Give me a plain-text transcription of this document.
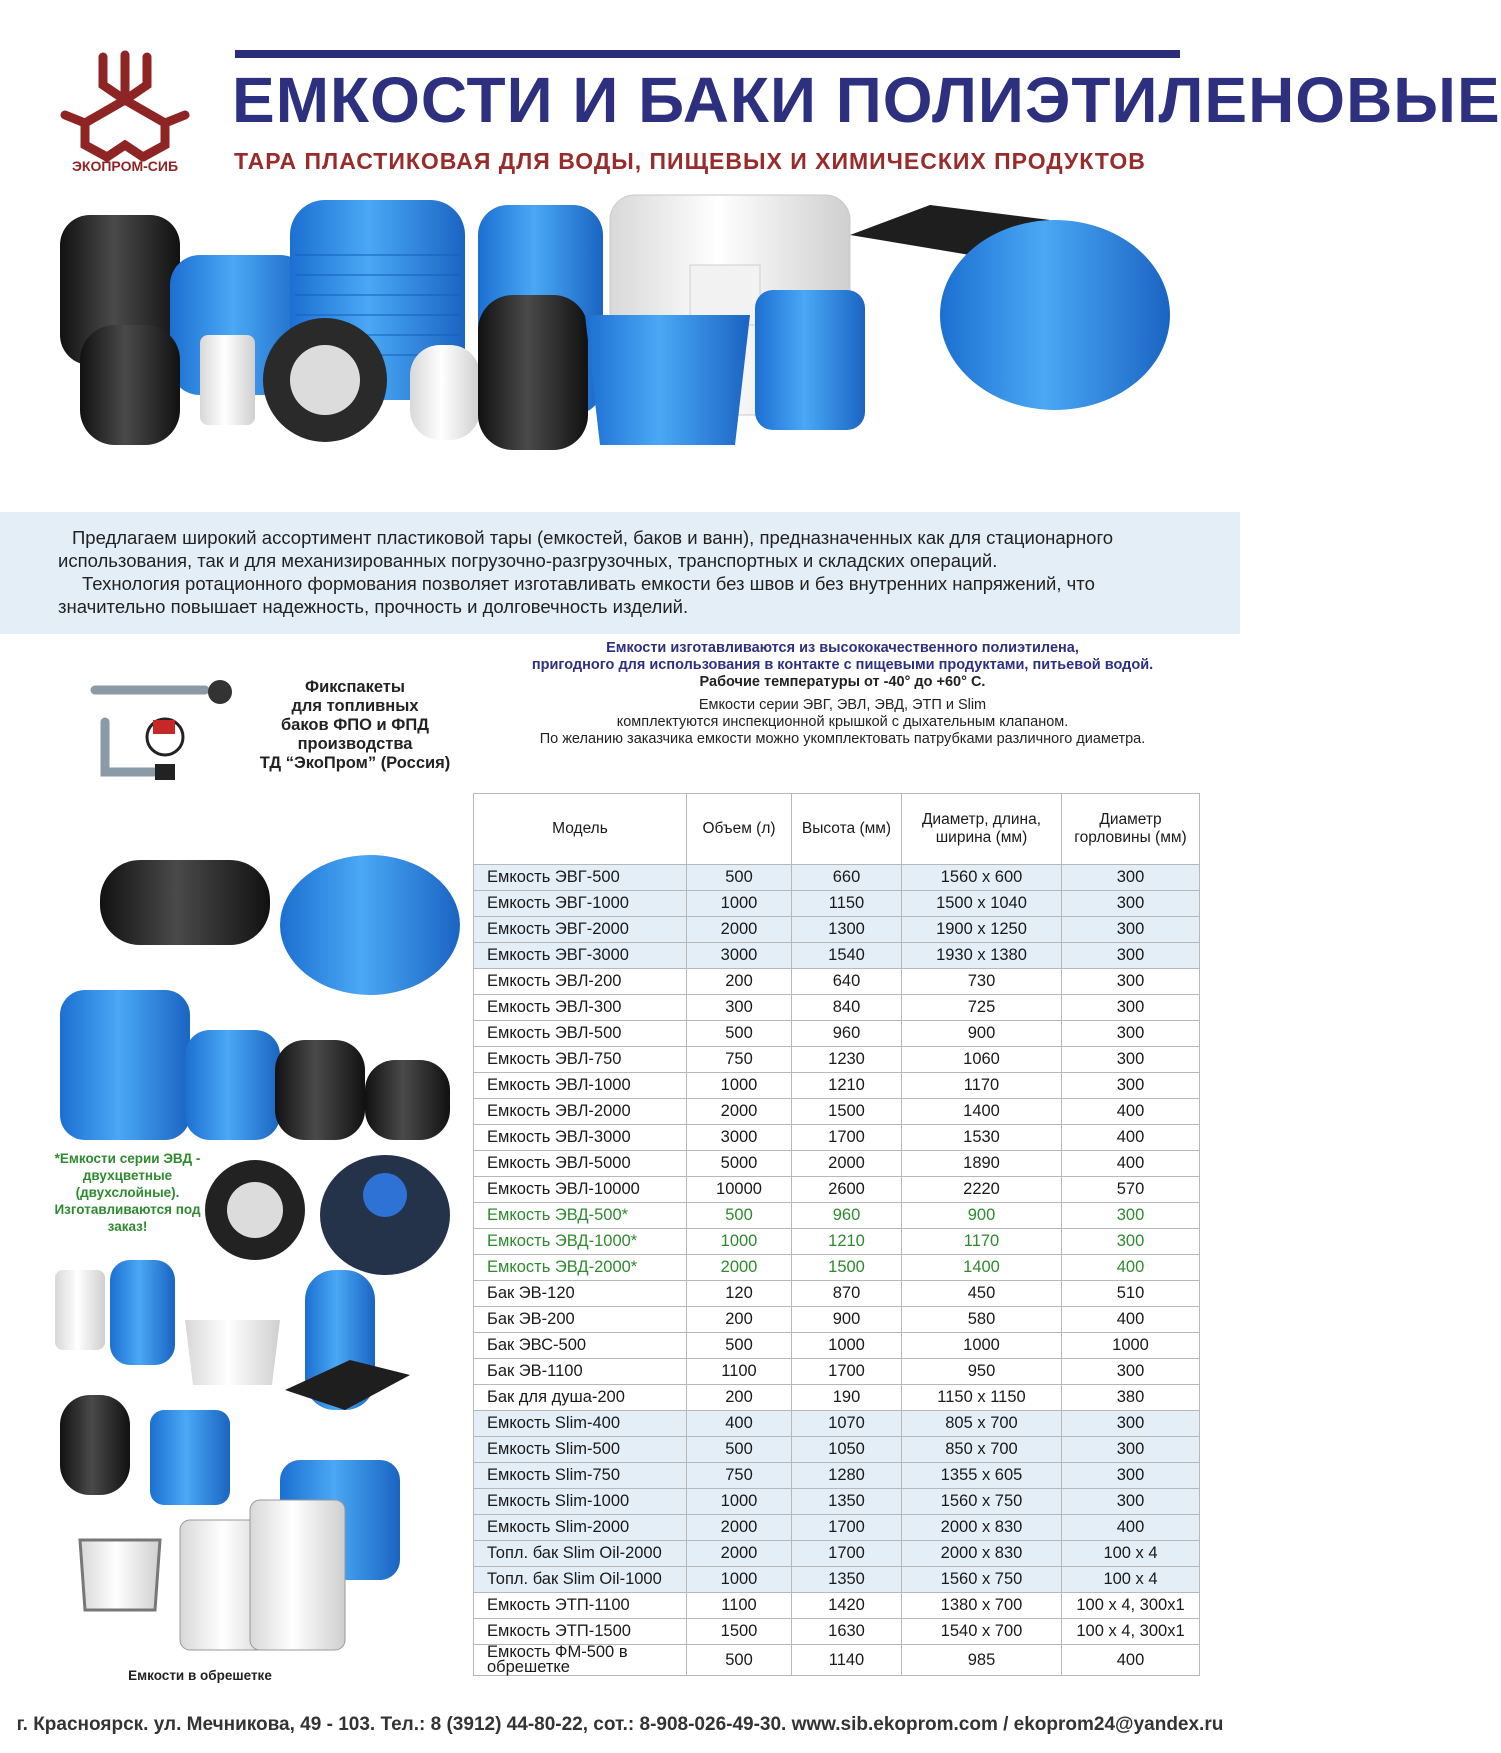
ЭКОПРОМ-СИБ
ЕМКОСТИ И БАКИ ПОЛИЭТИЛЕНОВЫЕ
ТАРА ПЛАСТИКОВАЯ ДЛЯ ВОДЫ, ПИЩЕВЫХ И ХИМИЧЕСКИХ ПРОДУКТОВ

Предлагаем широкий ассортимент пластиковой тары (емкостей, баков и ванн), предназначенных как для стационарного

использования, так и для механизированных погрузочно-разгрузочных, транспортных и складских операций.

Технология ротационного формования позволяет изготавливать емкости без швов и без внутренних напряжений, что

значительно повышает надежность, прочность и долговечность изделий.

Фикспакеты
для топливных
баков ФПО и ФПД
производства
ТД “ЭкоПром” (Россия)
Емкости изготавливаются из высококачественного полиэтилена,
пригодного для использования в контакте с пищевыми продуктами, питьевой водой.
Рабочие температуры от -40° до +60° С.
Емкости серии ЭВГ, ЭВЛ, ЭВД, ЭТП и Slim
комплектуются инспекционной крышкой с дыхательным клапаном.
По желанию заказчика емкости можно укомплектовать патрубками различного диаметра.
*Емкости серии ЭВД - двухцветные (двухслойные). Изготавливаются под заказ!
Емкости в обрешетке
Модель	Объем (л)	Высота (мм)	Диаметр, длина, ширина (мм)	Диаметр горловины (мм)
Емкость ЭВГ-500	500	660	1560 x 600	300
Емкость ЭВГ-1000	1000	1150	1500 x 1040	300
Емкость ЭВГ-2000	2000	1300	1900 x 1250	300
Емкость ЭВГ-3000	3000	1540	1930 x 1380	300
Емкость ЭВЛ-200	200	640	730	300
Емкость ЭВЛ-300	300	840	725	300
Емкость ЭВЛ-500	500	960	900	300
Емкость ЭВЛ-750	750	1230	1060	300
Емкость ЭВЛ-1000	1000	1210	1170	300
Емкость ЭВЛ-2000	2000	1500	1400	400
Емкость ЭВЛ-3000	3000	1700	1530	400
Емкость ЭВЛ-5000	5000	2000	1890	400
Емкость ЭВЛ-10000	10000	2600	2220	570
Емкость ЭВД-500*	500	960	900	300
Емкость ЭВД-1000*	1000	1210	1170	300
Емкость ЭВД-2000*	2000	1500	1400	400
Бак ЭВ-120	120	870	450	510
Бак ЭВ-200	200	900	580	400
Бак ЭВС-500	500	1000	1000	1000
Бак ЭВ-1100	1100	1700	950	300
Бак для душа-200	200	190	1150 x 1150	380
Емкость Slim-400	400	1070	805 x 700	300
Емкость Slim-500	500	1050	850 x 700	300
Емкость Slim-750	750	1280	1355 x 605	300
Емкость Slim-1000	1000	1350	1560 x 750	300
Емкость Slim-2000	2000	1700	2000 x 830	400
Топл. бак Slim Oil-2000	2000	1700	2000 x 830	100 x 4
Топл. бак Slim Oil-1000	1000	1350	1560 x 750	100 x 4
Емкость ЭТП-1100	1100	1420	1380 x 700	100 x 4, 300x1
Емкость ЭТП-1500	1500	1630	1540 x 700	100 x 4, 300x1
Емкость ФМ-500 в обрешетке	500	1140	985	400
г. Красноярск. ул. Мечникова, 49 - 103. Тел.: 8 (3912) 44-80-22, сот.: 8-908-026-49-30. www.sib.ekoprom.com / ekoprom24@yandex.ru
